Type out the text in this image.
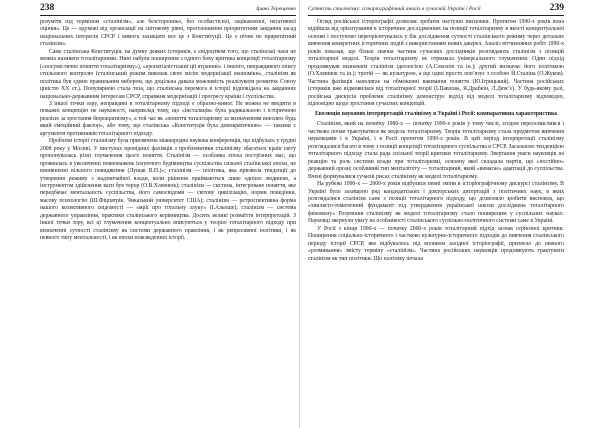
238	Ірина Терещенко

розуміти під терміном «сталінізм», але безсторонньо, без особистісної, зацікавленої, негативної оцінки». Це — вдумові від організації на світовому рівні, проголошення пріоритетним завдання засад національних інтересів СРСР і вимога захищати все це з Конституції. Це є пічне не приритатний сталінізм».

Саме сталінська Конституція, на думку деяких істориків, є свідоцтвом того, що сталінські часи не можна називати тоталітарними. Нині набули поширення з одного боку критика концепції тоталітаризму («посумістичне поняття тоталітаризму»), «еропатіалістськиі ції ятранню» і іншого, неправдивого опису стильового контролю (сталінський режим виконав свою місію модернізації економіки», сталінізм як політика був єдино правильним вибором, що доцільна давала можливість реалізувати розвиток Союзу ціністю XX ст.). Популярною стала теза, що сталінська перемога в історії відповідала на завданнях національно-державним інтересам СРСР, справжня модернізації і прогресу країни і суспільства.

З іншої точки зору, неправдиві в тоталітарному підході є образно-вимог. Не можна не вводити в поважні концепцію не науковості, наприклад тому, що «інсталяція» була радикальною і історичною реалією за зростання бюрократизму», а той час як «поняття тоталітаризму за визначенням внеснює будь який емоційний фактор», або тому, що сталінська «Конституція була демократичною» — такими є аргументи противників тоталітарного підходу.

Проблемі історії сталінізму була присвячена міжнародна наукова конференція, що відбулась у грудні 2008 року у Москві. У виступах провідних фахівців з проблематики сталінізму збагатьох країн світу пропонувалась різні тлумачення цього поняття. Сталінізм — особлива епоха пострізних мас, що проявилась в увеличенні повноважень існуючого будівництва суспільства сильної сталінської епохи, не виникненні вільного повидження (Лушак В.П.)»; сталінізм — політика, яка призвела тенденції до утворення режиму з надзвичайної влади, коли рішення приймаються лише однією людиною, а інструментом здійснення ваги був терор (О.В.Хлевнюк); сталінізм — система, інтегроване поняття, яке передбачає ментальність суспільства, його самосвідоми — світову цивілізацію, норми поведінки, масову психологію (Ш.Фіцпатрік. Чиказький університет США); сталінізм — ретроспективна форма нашого колективного свідомості — «мрії про тотальну злуку» (І.Альоше); сталінізм — система державного управління, практики сталінського керівництва. Досить великі розмаїття інтерпретацій. З іншої точки зору, всі ці тлумачення концептуально вписуються у теорію тоталітарного підходу при визначенні сутності сталінізму як системи державного правління, і як репресивної політики, і як певного типу ментальності, і як епохи повсякденної історії.

Сутність сталінізму: історіографічний аналіз в сучасній Україні і Росії	239

Огляд російської історіографії дозволяє зробити наступні висновки. Протягом 1990-х років вона відійшла від орієнтування в історичних дослідженнях на позиції тоталітаризму в якості концептуальної основи і поступово переорієнтувалась у бік дослідження сутності сталінського режиму через детальне вивчення конкретних історичних подій з використанням нових джерел. Аналіз вітчизняних робіт 1990-х років показав, що більш значна частина сучасних дослідників розглядають сталінізм з позицій тоталітарної моделі. Теорія тоталітаризму не отримала універсального тлумачення. Один підхід продовжував визначати сталінізм ідеологією (А.Соколов та ін.); другий визначає його політикою (О.Хлевнюк та ін.); третій — як культурою, а ще один просто пов’язує з особою Й.Сталіна (О.Жуков). Частина фахівців наполягає на обмеженні вживання поняття (Ю.Ігрицький). Частина російських істориків вже відмовилася від тоталітарної теорії (І.Павлова, Я.Драбкін, Л.Дюк’є). У будь-якому разі, російська дискусія проблеми сталінізму демонструє відхід від моделі тоталітаризму відповідно, відповідно щодо зростання сучасних концепцій.

Еволюція наукових інтерпретацій сталінізму в Україні і Росії: компаративна характеристика

Сталінізм, який на початку 1980-х — початку 1990-х років у тому числі, згодом переосмислився і частково почав трактуватися як модель тоталітаризму. Теорія тоталітаризму стала предметом вивчення науковцями і в Україні, і в Росії протягом 1990-х років. В цей період інтерпретації сталінізму розглядалися багато в чому з позиції концепції тоталітарного суспільства в СРСР. Загальною тенденцією тоталітарного підходу стала рада спільної теорії критики тоталітаризму. Звертання уваги науковців на реакцію та роль системи влади при тоталітаризмі, основну якої складала партія, що «постійно» державний орган; особливий тип менталітету — тоталітарний, який «вимагає» адаптації до суспільства. Вчені формувалися сучасні рисах сталінізму як моделі тоталітаризму.

На рубежі 1990-х — 2000-х років відбулися певні зміни в історіографічному дискурсі сталінізму. В Україні було захищено ряд кандидатських і докторських дисертацій з політичних наук, в яких розглядалися сталінізм саме з позиції тоталітарного підходу, що дозволяло зробити висновок, що «хвилясто-тематичний фундамент під утвердження української школи досліджень тоталітарного феномену» Розуміння сталінізму як моделі тоталітаризму стало поширеним у суспільних науках. Науковці звернули увагу на особливості сталінського суспільно-політичного системи саме в Україні.

У Росії з кінця 1990-х — початку 2000-х років тоталітарний підхід зазнав серйозної критики. Поширення соціально-історичного і частково культурно-історичного підходів до вивчення сталінського періоду історії СРСР, яке відбувалось під впливом західної історіографії, призвело до певного «розмивання» змісту терміну «сталінізм». Частина російських науковців продовжують трактувати сталінізм як тип політики. Що політику почала
